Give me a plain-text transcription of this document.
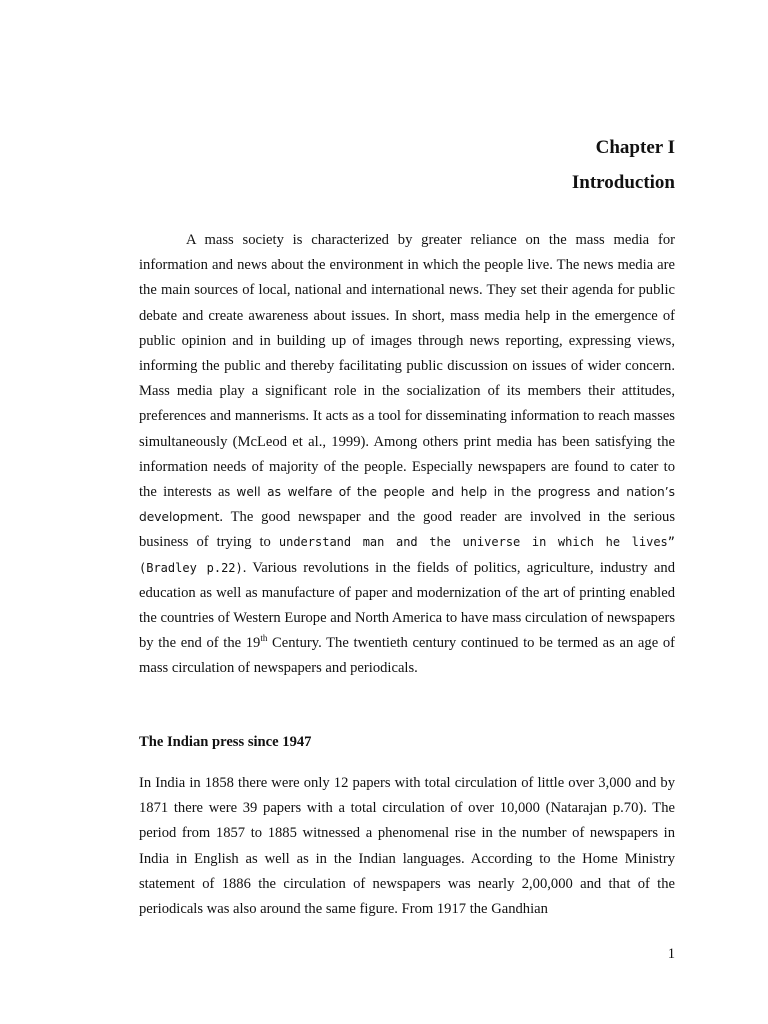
Chapter I
Introduction

A mass society is characterized by greater reliance on the mass media for information and news about the environment in which the people live. The news media are the main sources of local, national and international news. They set their agenda for public debate and create awareness about issues. In short, mass media help in the emergence of public opinion and in building up of images through news reporting, expressing views, informing the public and thereby facilitating public discussion on issues of wider concern. Mass media play a significant role in the socialization of its members their attitudes, preferences and mannerisms. It acts as a tool for disseminating information to reach masses simultaneously (McLeod et al., 1999). Among others print media has been satisfying the information needs of majority of the people. Especially newspapers are found to cater to the interests as well as welfare of the people and help in the progress and nation’s development. The good newspaper and the good reader are involved in the serious business of trying to understand man and the universe in which he lives” (Bradley p.22). Various revolutions in the fields of politics, agriculture, industry and education as well as manufacture of paper and modernization of the art of printing enabled the countries of Western Europe and North America to have mass circulation of newspapers by the end of the 19th Century. The twentieth century continued to be termed as an age of mass circulation of newspapers and periodicals.

The Indian press since 1947

In India in 1858 there were only 12 papers with total circulation of little over 3,000 and by 1871 there were 39 papers with a total circulation of over 10,000 (Natarajan p.70). The period from 1857 to 1885 witnessed a phenomenal rise in the number of newspapers in India in English as well as in the Indian languages. According to the Home Ministry statement of 1886 the circulation of newspapers was nearly 2,00,000 and that of the periodicals was also around the same figure. From 1917 the Gandhian

1
